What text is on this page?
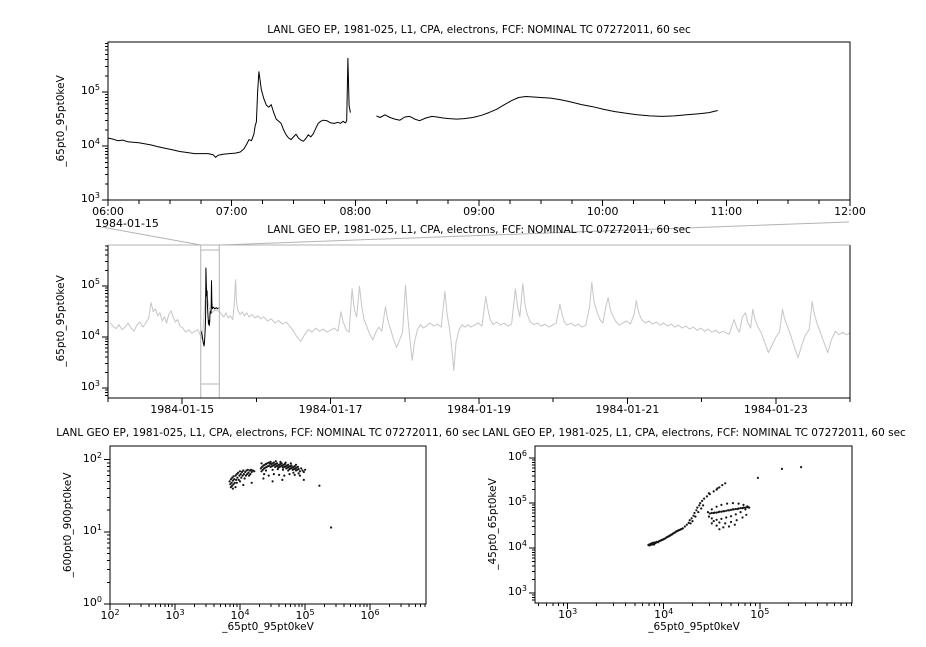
LANL GEO EP, 1981-025, L1, CPA, electrons, FCF: NOMINAL TC 07272011, 60 sec
LANL GEO EP, 1981-025, L1, CPA, electrons, FCF: NOMINAL TC 07272011, 60 sec
LANL GEO EP, 1981-025, L1, CPA, electrons, FCF: NOMINAL TC 07272011, 60 sec LANL GEO EP, 1981-025, L1, CPA, electrons, FCF: NOMINAL TC 07272011, 60 sec
_65pt0_95pt0keV
_65pt0_95pt0keV
_600pt0_900pt0keV	_45pt0_65pt0keV
_65pt0_95pt0keV	_65pt0_95pt0keV
1984-01-15
06:00	07:00	08:00	09:00	10:00	11:00	12:00
$10^3$
$10^4$
$10^5$
1984-01-15	1984-01-17	1984-01-19	1984-01-21	1984-01-23
$10^3$
$10^4$
$10^5$
$10^2$	$10^3$	$10^4$	$10^5$	$10^6$
$10^0$
$10^1$
$10^2$
$10^3$	$10^4$	$10^5$
$10^3$
$10^4$
$10^5$
$10^6$
